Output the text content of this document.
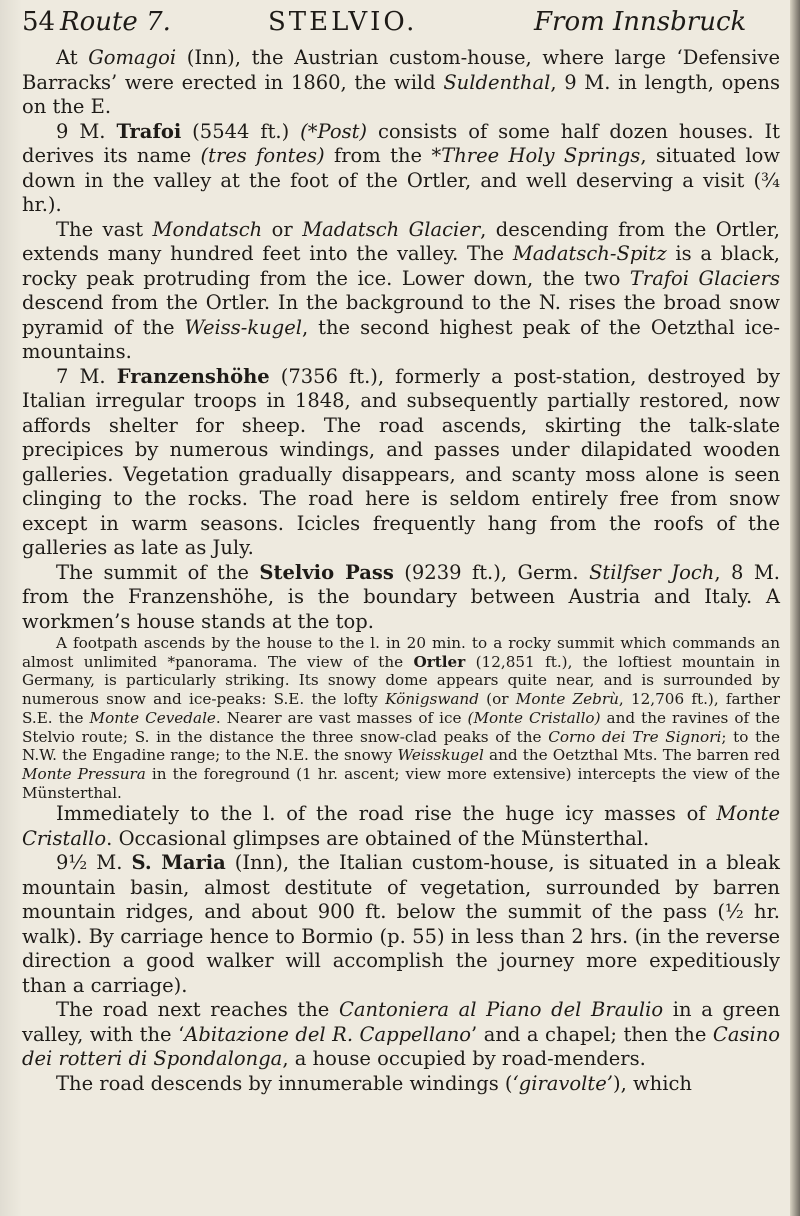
54 Route 7.	STELVIO.	From Innsbruck

At Gomagoi (Inn), the Austrian custom-house, where large ‘Defensive Barracks’ were erected in 1860, the wild Suldenthal, 9 M. in length, opens on the E.

9 M. Trafoi (5544 ft.) (*Post) consists of some half dozen houses. It derives its name (tres fontes) from the *Three Holy Springs, situated low down in the valley at the foot of the Ortler, and well deserving a visit (¾ hr.).

The vast Mondatsch or Madatsch Glacier, descending from the Ortler, extends many hundred feet into the valley. The Madatsch-Spitz is a black, rocky peak protruding from the ice. Lower down, the two Trafoi Glaciers descend from the Ortler. In the background to the N. rises the broad snow pyramid of the Weiss-kugel, the second highest peak of the Oetzthal ice-mountains.

7 M. Franzenshöhe (7356 ft.), formerly a post-station, destroyed by Italian irregular troops in 1848, and subsequently partially restored, now affords shelter for sheep. The road ascends, skirting the talk-slate precipices by numerous windings, and passes under dilapidated wooden galleries. Vegetation gradually disappears, and scanty moss alone is seen clinging to the rocks. The road here is seldom entirely free from snow except in warm seasons. Icicles frequently hang from the roofs of the galleries as late as July.

The summit of the Stelvio Pass (9239 ft.), Germ. Stilfser Joch, 8 M. from the Franzenshöhe, is the boundary between Austria and Italy. A workmen’s house stands at the top.

A footpath ascends by the house to the l. in 20 min. to a rocky summit which commands an almost unlimited *panorama. The view of the Ortler (12,851 ft.), the loftiest mountain in Germany, is particularly striking. Its snowy dome appears quite near, and is surrounded by numerous snow and ice-peaks: S.E. the lofty Königswand (or Monte Zebrù, 12,706 ft.), farther S.E. the Monte Cevedale. Nearer are vast masses of ice (Monte Cristallo) and the ravines of the Stelvio route; S. in the distance the three snow-clad peaks of the Corno dei Tre Signori; to the N.W. the Engadine range; to the N.E. the snowy Weisskugel and the Oetzthal Mts. The barren red Monte Pressura in the foreground (1 hr. ascent; view more extensive) intercepts the view of the Münsterthal.

Immediately to the l. of the road rise the huge icy masses of Monte Cristallo. Occasional glimpses are obtained of the Münsterthal.

9½ M. S. Maria (Inn), the Italian custom-house, is situated in a bleak mountain basin, almost destitute of vegetation, surrounded by barren mountain ridges, and about 900 ft. below the summit of the pass (½ hr. walk). By carriage hence to Bormio (p. 55) in less than 2 hrs. (in the reverse direction a good walker will accomplish the journey more expeditiously than a carriage).

The road next reaches the Cantoniera al Piano del Braulio in a green valley, with the ‘Abitazione del R. Cappellano’ and a chapel; then the Casino dei rotteri di Spondalonga, a house occupied by road-menders.

The road descends by innumerable windings (‘giravolte’), which
